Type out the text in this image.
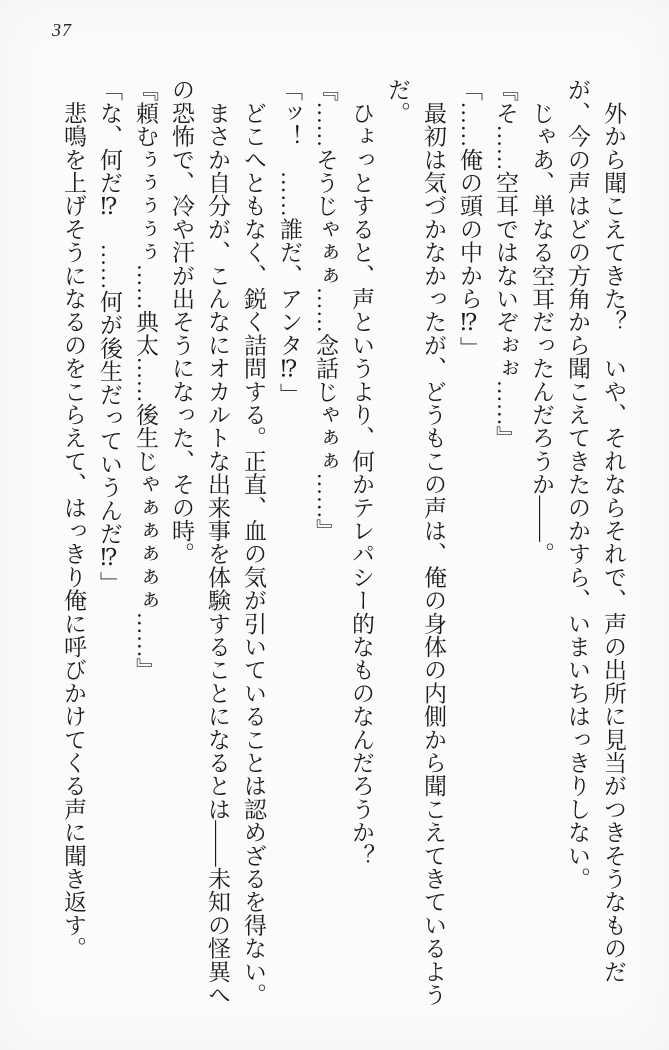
37

　外から聞こえてきた？　いや、それならそれで、声の出所に見当がつきそうなものだ

が、今の声はどの方角から聞こえてきたのかすら、いまいちはっきりしない。

　じゃあ、単なる空耳だったんだろうか――。

『そ……空耳ではないぞぉぉ……』

「……俺の頭の中から⁉」

　最初は気づかなかったが、どうもこの声は、俺の身体の内側から聞こえてきているよう

だ。

　ひょっとすると、声というより、何かテレパシー的なものなんだろうか？

『……そうじゃぁぁ……念話じゃぁぁ……』

「ッ！　……誰だ、アンタ⁉」

　どこへともなく、鋭く詰問する。正直、血の気が引いていることは認めざるを得ない。

　まさか自分が、こんなにオカルトな出来事を体験することになるとは――未知の怪異へ

の恐怖で、冷や汗が出そうになった、その時。

『頼むぅぅぅぅぅ……典太……後生じゃぁぁぁぁぁ……』

「な、何だ⁉　……何が後生だっていうんだ⁉」

　悲鳴を上げそうになるのをこらえて、はっきり俺に呼びかけてくる声に聞き返す。
